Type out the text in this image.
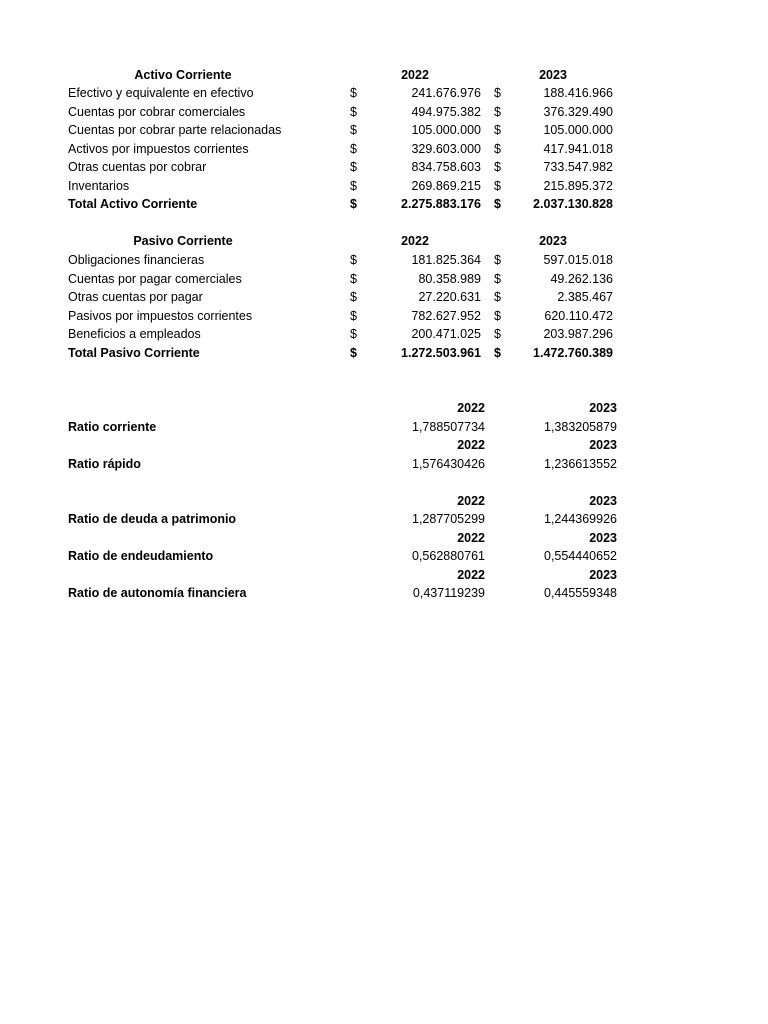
Activo Corriente	2022	2023
Efectivo y equivalente en efectivo	$	241.676.976 $	188.416.966
Cuentas por cobrar comerciales	$	494.975.382 $	376.329.490
Cuentas por cobrar parte relacionadas	$	105.000.000 $	105.000.000
Activos por impuestos corrientes	$	329.603.000 $	417.941.018
Otras cuentas por cobrar	$	834.758.603 $	733.547.982
Inventarios	$	269.869.215 $	215.895.372
Total Activo Corriente	$	2.275.883.176 $	2.037.130.828
Pasivo Corriente	2022	2023
Obligaciones financieras	$	181.825.364 $	597.015.018
Cuentas por pagar comerciales	$	80.358.989 $	49.262.136
Otras cuentas por pagar	$	27.220.631 $	2.385.467
Pasivos por impuestos corrientes	$	782.627.952 $	620.110.472
Beneficios a empleados	$	200.471.025 $	203.987.296
Total Pasivo Corriente	$	1.272.503.961 $	1.472.760.389
2022	2023
Ratio corriente	1,788507734	1,383205879
2022	2023
Ratio rápido	1,576430426	1,236613552
2022	2023
Ratio de deuda a patrimonio	1,287705299	1,244369926
2022	2023
Ratio de endeudamiento	0,562880761	0,554440652
2022	2023
Ratio de autonomía financiera	0,437119239	0,445559348
